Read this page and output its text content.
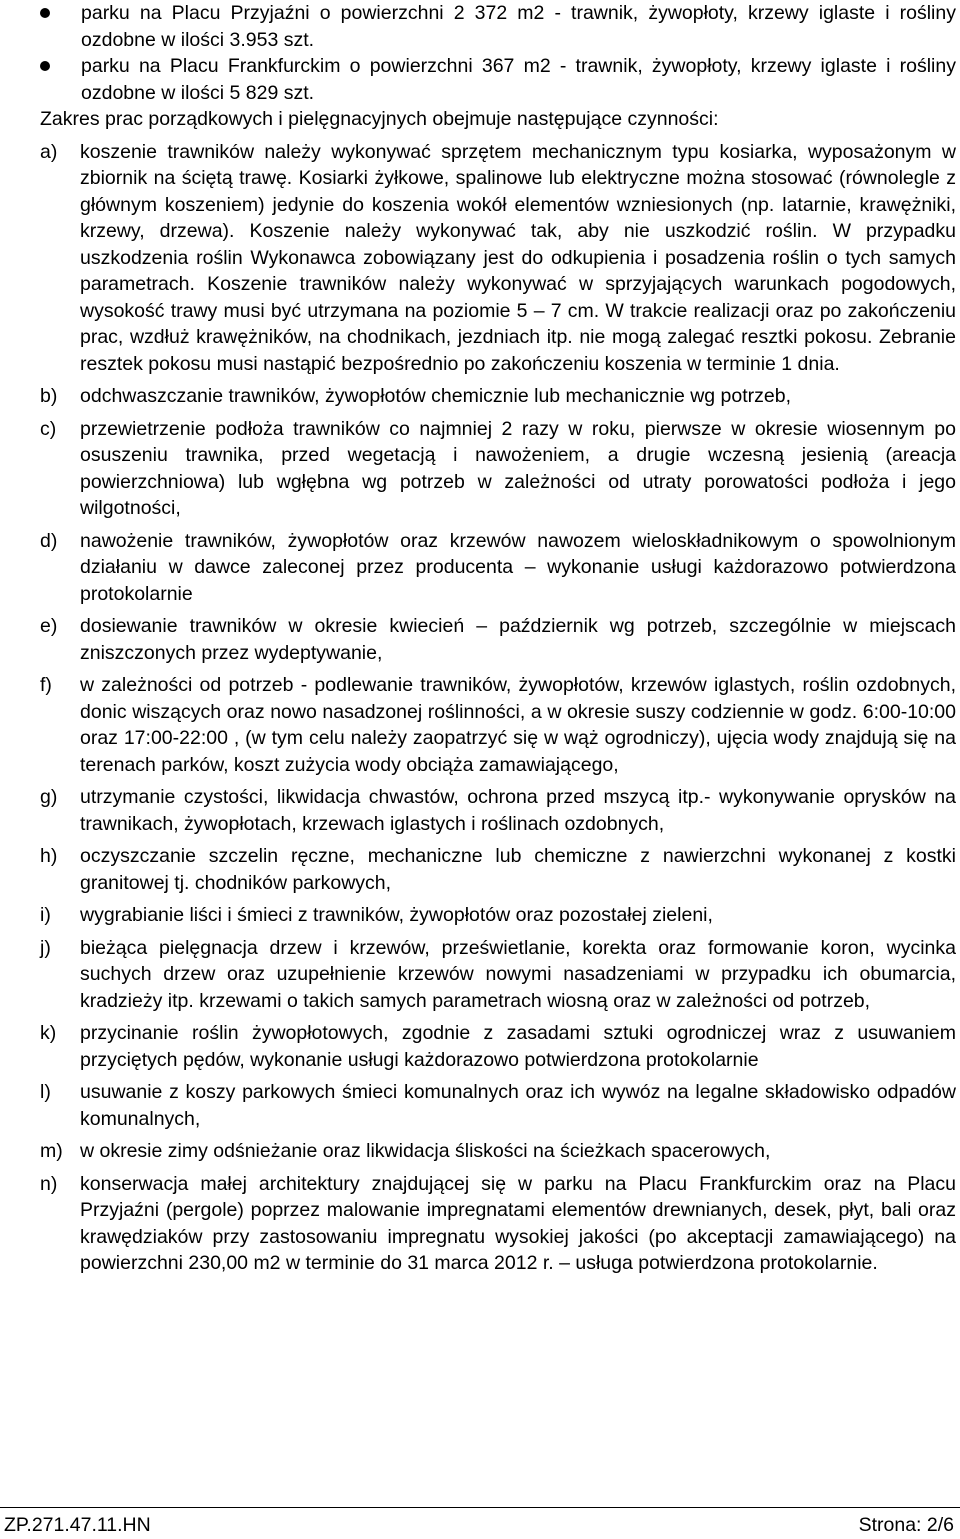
parku na Placu Przyjaźni o powierzchni 2 372 m2 - trawnik, żywopłoty, krzewy iglaste i rośliny ozdobne w ilości 3.953 szt.
parku na Placu Frankfurckim o powierzchni 367 m2 - trawnik, żywopłoty, krzewy iglaste i rośliny ozdobne w ilości 5 829 szt.

Zakres prac porządkowych i pielęgnacyjnych obejmuje następujące czynności:

a)	koszenie trawników należy wykonywać sprzętem mechanicznym typu kosiarka, wyposażonym w zbiornik na ściętą trawę. Kosiarki żyłkowe, spalinowe lub elektryczne można stosować (równolegle z głównym koszeniem) jedynie do koszenia wokół elementów wzniesionych (np. latarnie, krawężniki, krzewy, drzewa). Koszenie należy wykonywać tak, aby nie uszkodzić roślin. W przypadku uszkodzenia roślin Wykonawca zobowiązany jest do odkupienia i posadzenia roślin o tych samych parametrach. Koszenie trawników należy wykonywać w sprzyjających warunkach pogodowych, wysokość trawy musi być utrzymana na poziomie 5 – 7 cm. W trakcie realizacji oraz po zakończeniu prac, wzdłuż krawężników, na chodnikach, jezdniach itp. nie mogą zalegać resztki pokosu. Zebranie resztek pokosu musi nastąpić bezpośrednio po zakończeniu koszenia w terminie 1 dnia.
b)	odchwaszczanie trawników, żywopłotów chemicznie lub mechanicznie wg potrzeb,
c)	przewietrzenie podłoża trawników co najmniej 2 razy w roku, pierwsze w okresie wiosennym po osuszeniu trawnika, przed wegetacją i nawożeniem, a drugie wczesną jesienią (areacja powierzchniowa) lub wgłębna wg potrzeb w zależności od utraty porowatości podłoża i jego wilgotności,
d)	nawożenie trawników, żywopłotów oraz krzewów nawozem wieloskładnikowym o spowolnionym działaniu w dawce zaleconej przez producenta – wykonanie usługi każdorazowo potwierdzona protokolarnie
e)	dosiewanie trawników w okresie kwiecień – październik wg potrzeb, szczególnie w miejscach zniszczonych przez wydeptywanie,
f)	w zależności od potrzeb - podlewanie trawników, żywopłotów, krzewów iglastych, roślin ozdobnych, donic wiszących oraz nowo nasadzonej roślinności, a w okresie suszy codziennie w godz. 6:00-10:00 oraz 17:00-22:00 , (w tym celu należy zaopatrzyć się w wąż ogrodniczy), ujęcia wody znajdują się na terenach parków, koszt zużycia wody obciąża zamawiającego,
g)	utrzymanie czystości, likwidacja chwastów, ochrona przed mszycą itp.- wykonywanie oprysków na trawnikach, żywopłotach, krzewach iglastych i roślinach ozdobnych,
h)	oczyszczanie szczelin ręczne, mechaniczne lub chemiczne z nawierzchni wykonanej z kostki granitowej tj. chodników parkowych,
i)	wygrabianie liści i śmieci z trawników, żywopłotów oraz pozostałej zieleni,
j)	bieżąca pielęgnacja drzew i krzewów, prześwietlanie, korekta oraz formowanie koron, wycinka suchych drzew oraz uzupełnienie krzewów nowymi nasadzeniami w przypadku ich obumarcia, kradzieży itp. krzewami o takich samych parametrach wiosną oraz w zależności od potrzeb,
k)	przycinanie roślin żywopłotowych, zgodnie z zasadami sztuki ogrodniczej wraz z usuwaniem przyciętych pędów, wykonanie usługi każdorazowo potwierdzona protokolarnie
l)	usuwanie z koszy parkowych śmieci komunalnych oraz ich wywóz na legalne składowisko odpadów komunalnych,
m) w okresie zimy odśnieżanie oraz likwidacja śliskości na ścieżkach spacerowych,
n)	konserwacja małej architektury znajdującej się w parku na Placu Frankfurckim oraz na Placu Przyjaźni (pergole) poprzez malowanie impregnatami elementów drewnianych, desek, płyt, bali oraz krawędziaków przy zastosowaniu impregnatu wysokiej jakości (po akceptacji zamawiającego) na powierzchni 230,00 m2 w terminie do 31 marca 2012 r. – usługa potwierdzona protokolarnie.
ZP.271.47.11.HN	Strona: 2/6
